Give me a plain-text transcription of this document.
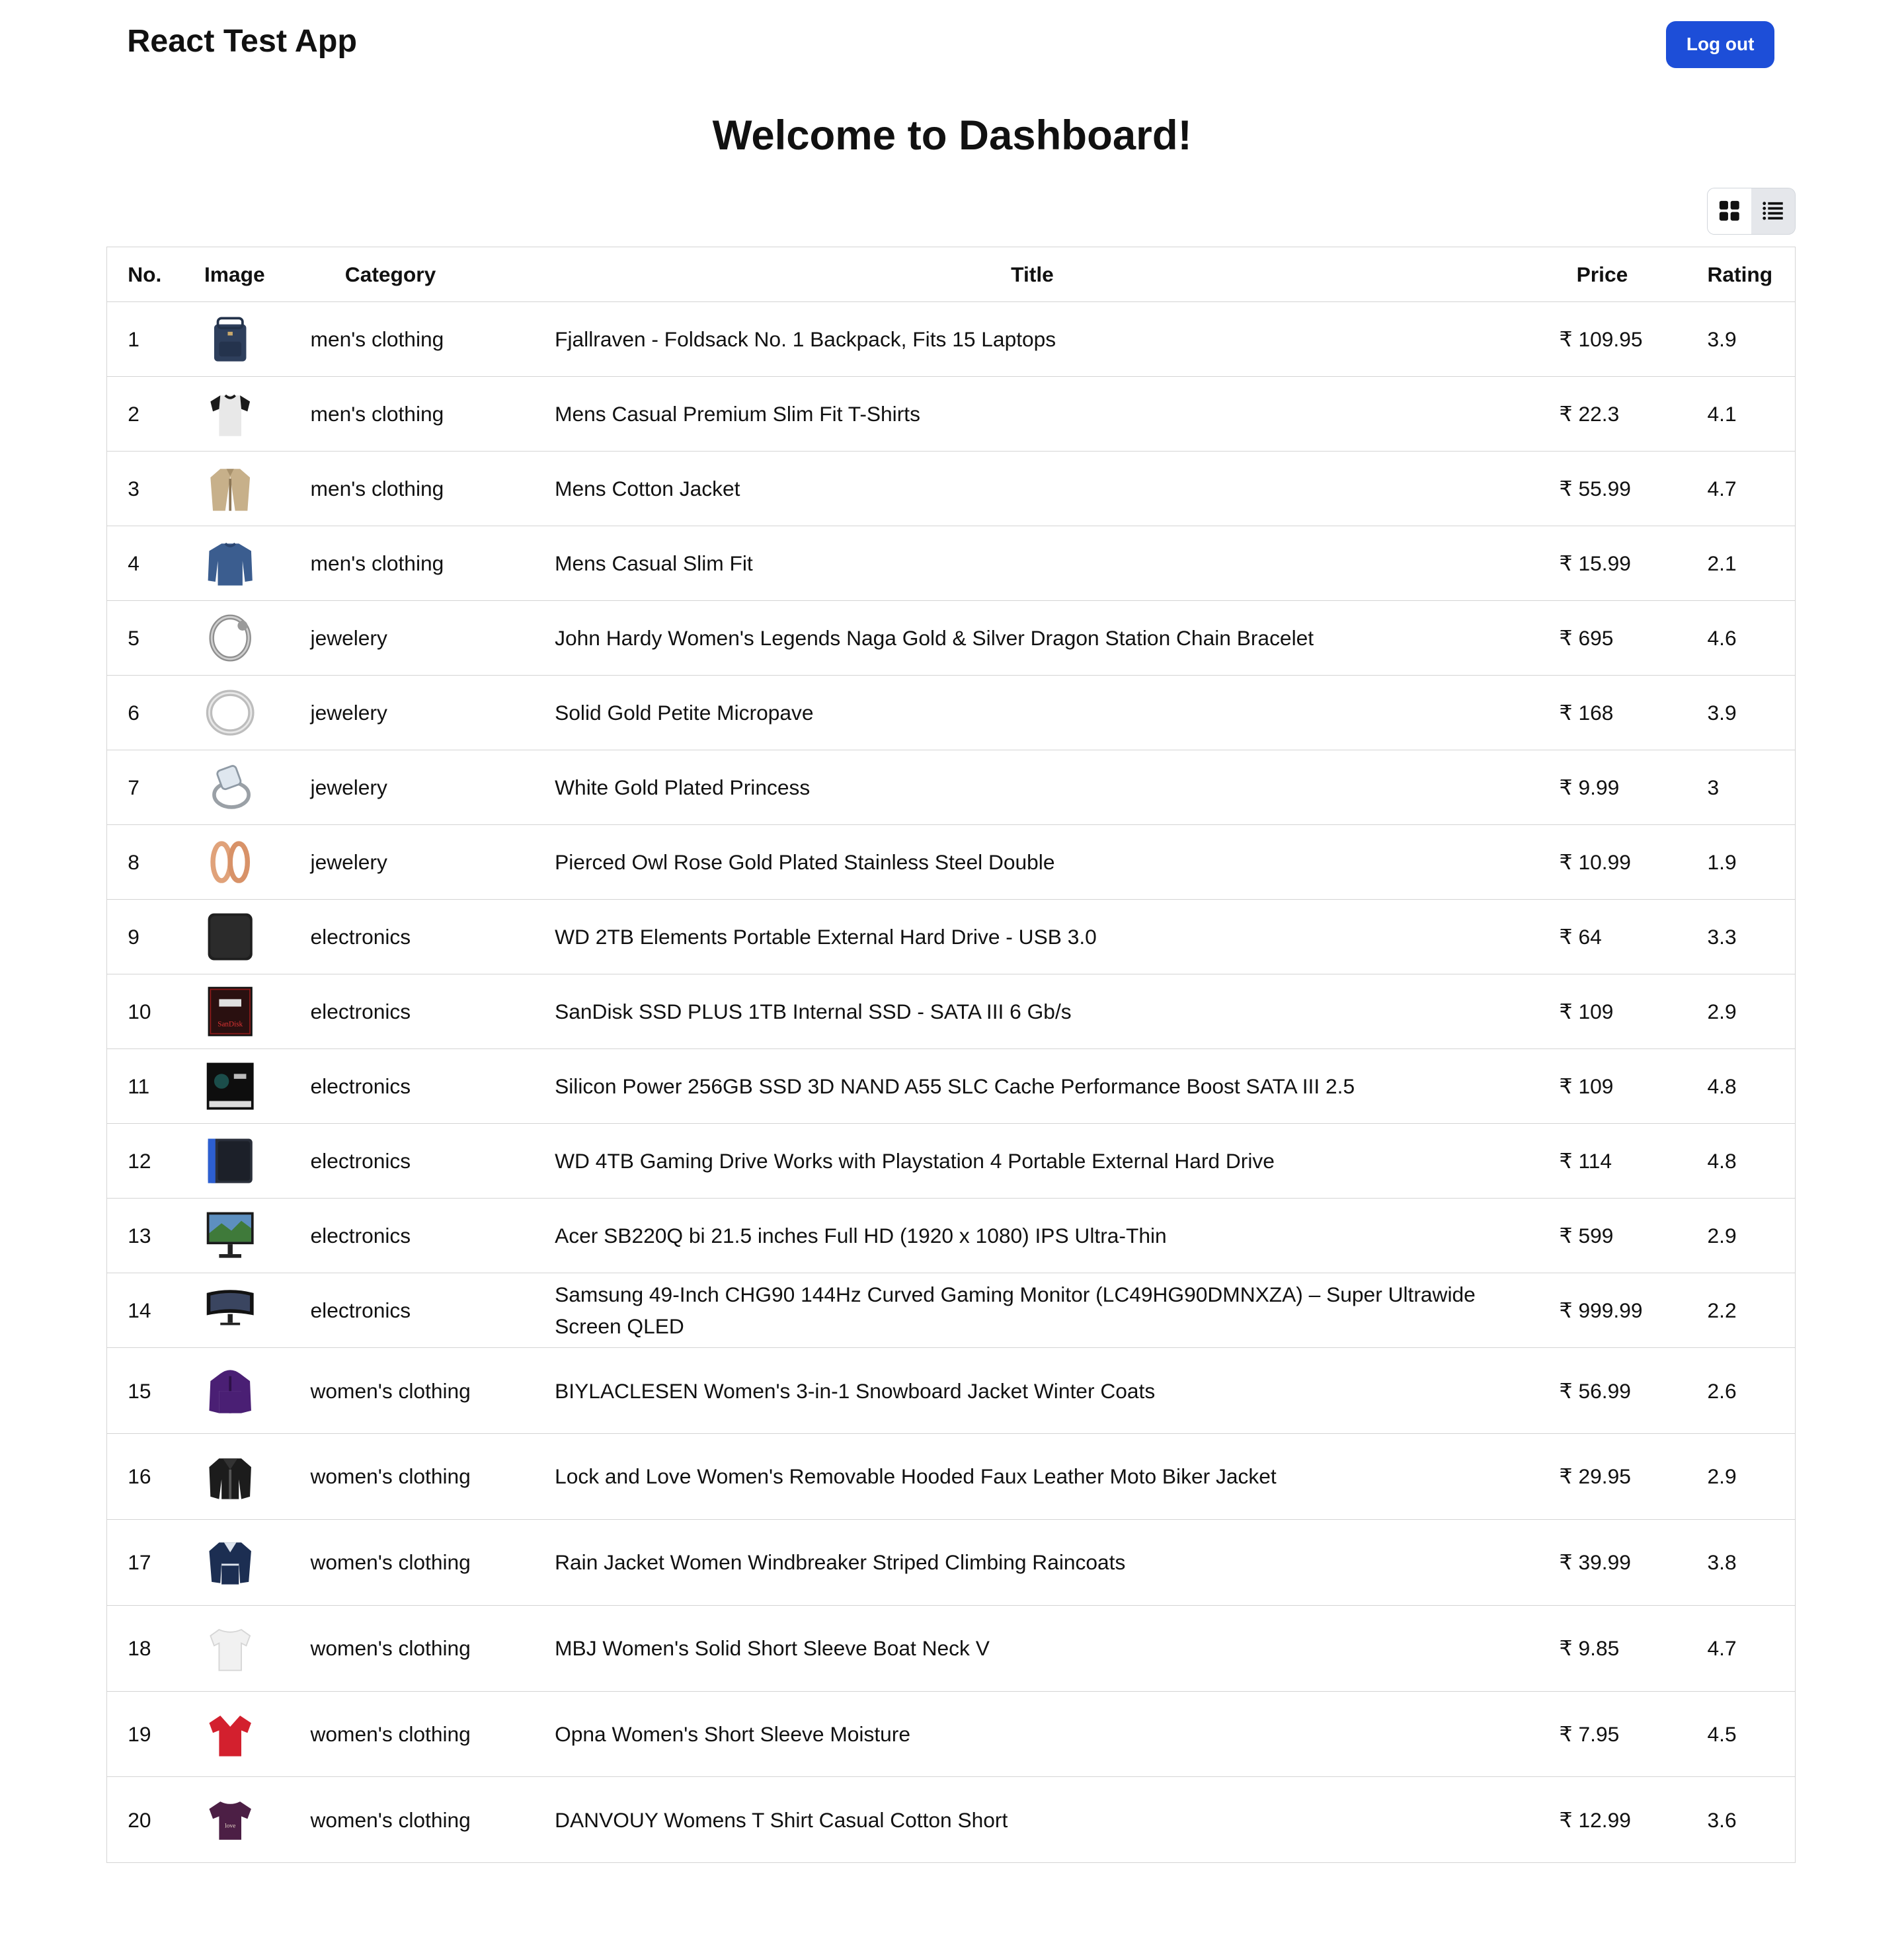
React Test App	Log out
Welcome to Dashboard!
No.	Image	Category	Title	Price	Rating
1		men's clothing	Fjallraven - Foldsack No. 1 Backpack, Fits 15 Laptops	₹ 109.95	3.9
2		men's clothing	Mens Casual Premium Slim Fit T-Shirts	₹ 22.3	4.1
3		men's clothing	Mens Cotton Jacket	₹ 55.99	4.7
4		men's clothing	Mens Casual Slim Fit	₹ 15.99	2.1
5		jewelery	John Hardy Women's Legends Naga Gold & Silver Dragon Station Chain Bracelet	₹ 695	4.6
6		jewelery	Solid Gold Petite Micropave	₹ 168	3.9
7		jewelery	White Gold Plated Princess	₹ 9.99	3
8		jewelery	Pierced Owl Rose Gold Plated Stainless Steel Double	₹ 10.99	1.9
9		electronics	WD 2TB Elements Portable External Hard Drive - USB 3.0	₹ 64	3.3
10	SanDisk	electronics	SanDisk SSD PLUS 1TB Internal SSD - SATA III 6 Gb/s	₹ 109	2.9
11		electronics	Silicon Power 256GB SSD 3D NAND A55 SLC Cache Performance Boost SATA III 2.5	₹ 109	4.8
12		electronics	WD 4TB Gaming Drive Works with Playstation 4 Portable External Hard Drive	₹ 114	4.8
13		electronics	Acer SB220Q bi 21.5 inches Full HD (1920 x 1080) IPS Ultra-Thin	₹ 599	2.9
14		electronics	Samsung 49-Inch CHG90 144Hz Curved Gaming Monitor (LC49HG90DMNXZA) – Super Ultrawide Screen QLED	₹ 999.99	2.2
15		women's clothing	BIYLACLESEN Women's 3-in-1 Snowboard Jacket Winter Coats	₹ 56.99	2.6
16		women's clothing	Lock and Love Women's Removable Hooded Faux Leather Moto Biker Jacket	₹ 29.95	2.9
17		women's clothing	Rain Jacket Women Windbreaker Striped Climbing Raincoats	₹ 39.99	3.8
18		women's clothing	MBJ Women's Solid Short Sleeve Boat Neck V	₹ 9.85	4.7
19		women's clothing	Opna Women's Short Sleeve Moisture	₹ 7.95	4.5
20	love	women's clothing	DANVOUY Womens T Shirt Casual Cotton Short	₹ 12.99	3.6
